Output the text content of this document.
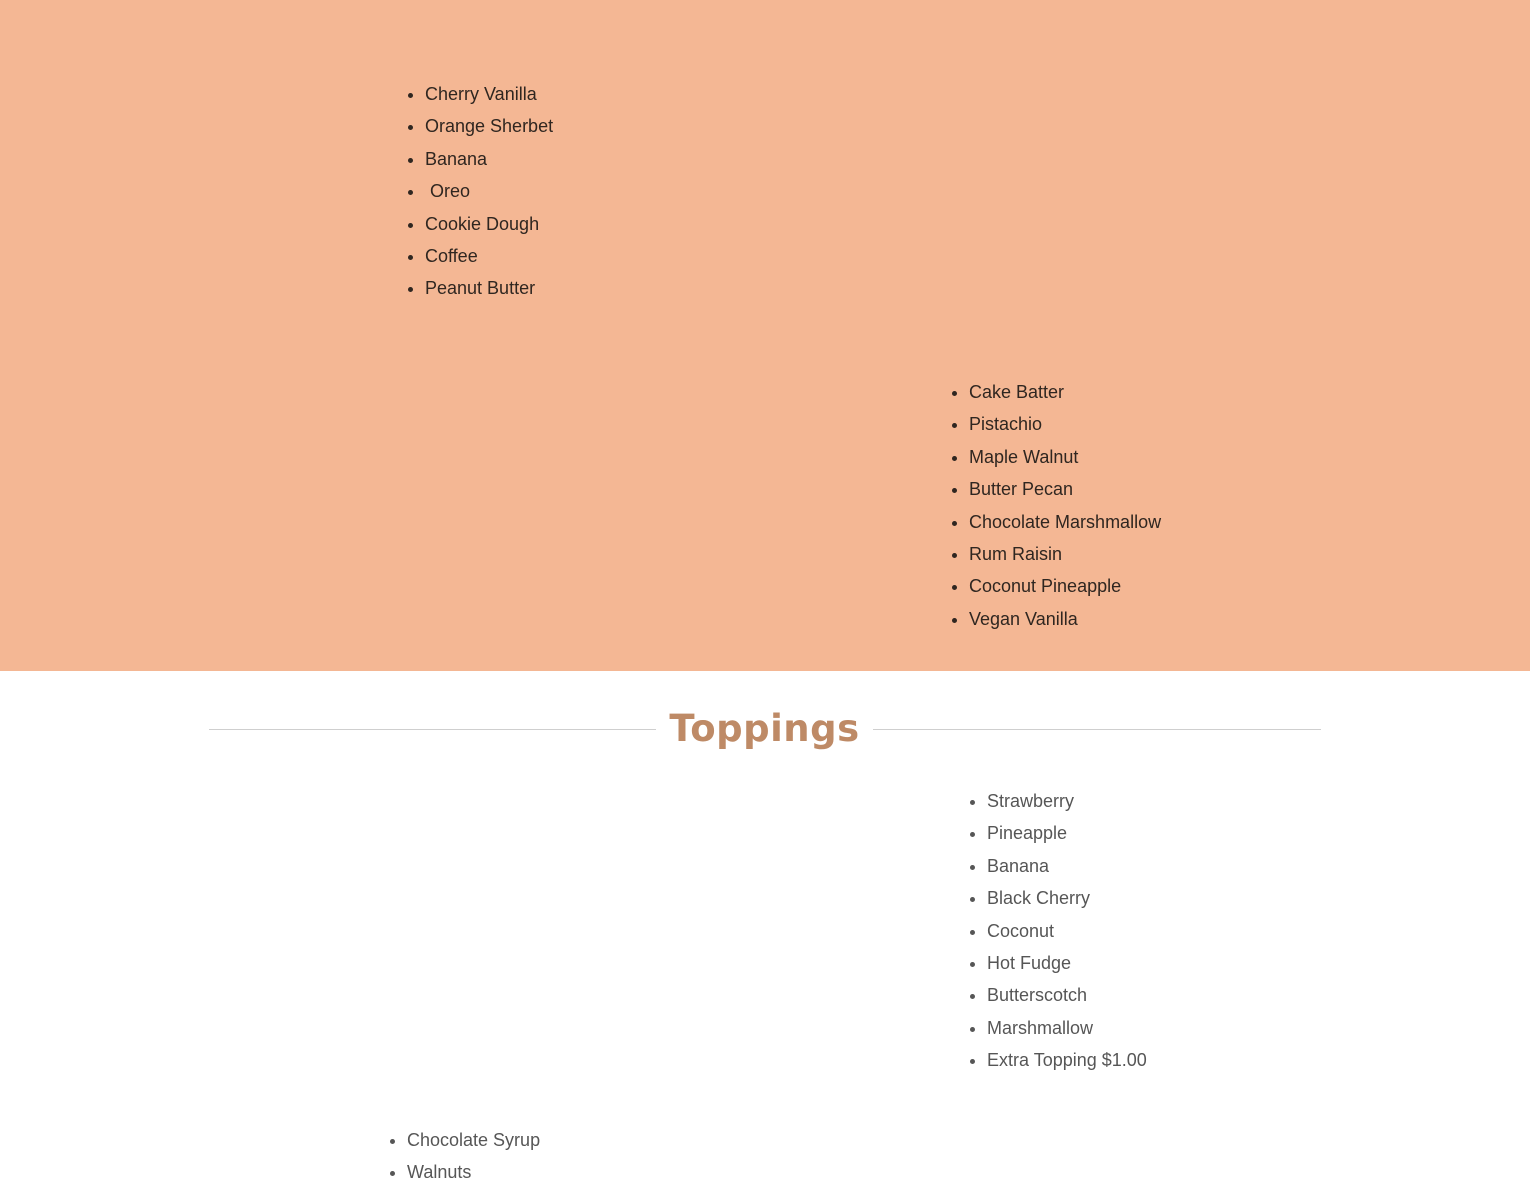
• Cherry Vanilla
• Orange Sherbet
• Banana
•  Oreo
• Cookie Dough
• Coffee
• Peanut Butter
• Cake Batter
• Pistachio
• Maple Walnut
• Butter Pecan
• Chocolate Marshmallow
• Rum Raisin
• Coconut Pineapple
• Vegan Vanilla
Toppings
• Strawberry
• Pineapple
• Banana
• Black Cherry
• Coconut
• Hot Fudge
• Butterscotch
• Marshmallow
• Extra Topping $1.00
• Chocolate Syrup
• Walnuts
